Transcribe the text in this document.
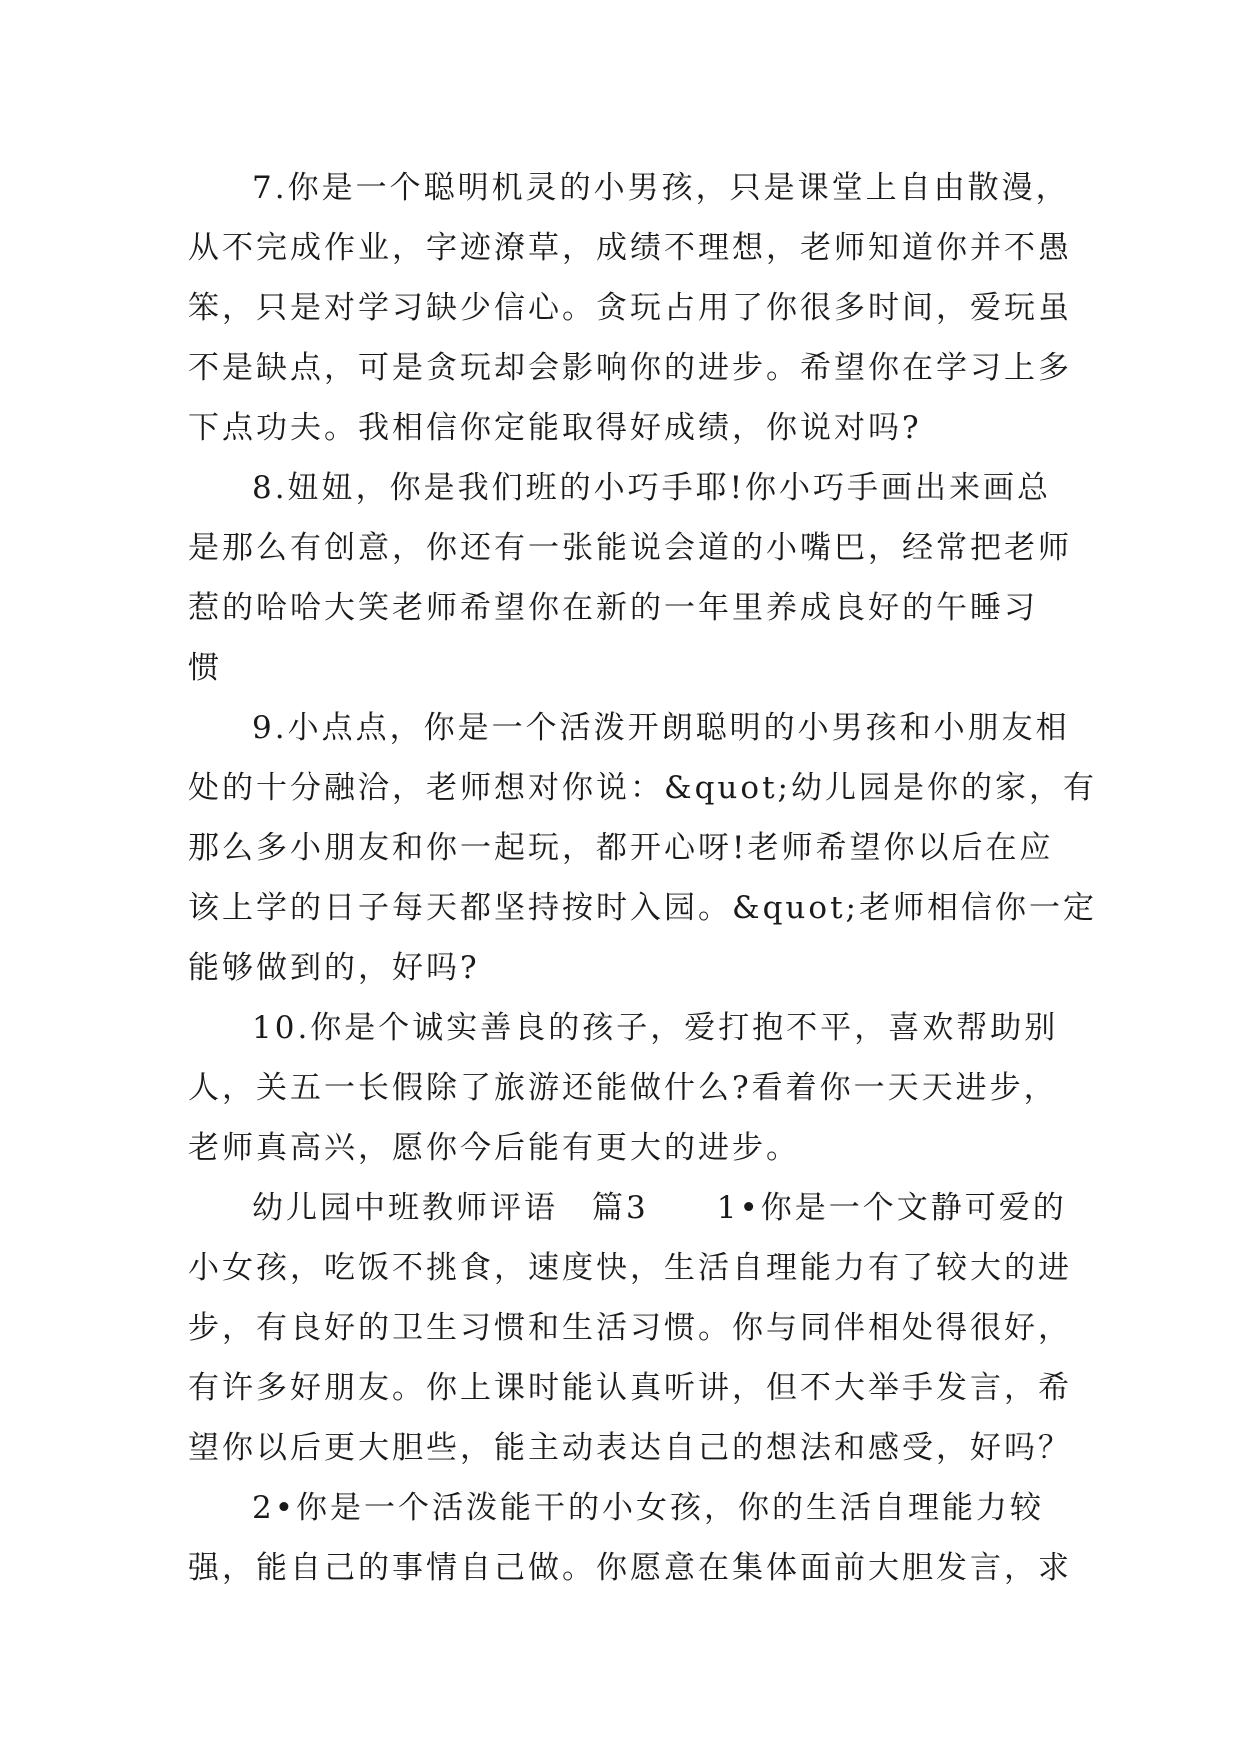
7.你是一个聪明机灵的小男孩，只是课堂上自由散漫，
从不完成作业，字迹潦草，成绩不理想，老师知道你并不愚
笨，只是对学习缺少信心。贪玩占用了你很多时间，爱玩虽
不是缺点，可是贪玩却会影响你的进步。希望你在学习上多
下点功夫。我相信你定能取得好成绩，你说对吗?
8.妞妞，你是我们班的小巧手耶!你小巧手画出来画总
是那么有创意，你还有一张能说会道的小嘴巴，经常把老师
惹的哈哈大笑老师希望你在新的一年里养成良好的午睡习
惯
9.小点点，你是一个活泼开朗聪明的小男孩和小朋友相
处的十分融洽，老师想对你说：&quot;幼儿园是你的家，有
那么多小朋友和你一起玩，都开心呀!老师希望你以后在应
该上学的日子每天都坚持按时入园。&quot;老师相信你一定
能够做到的，好吗?
10.你是个诚实善良的孩子，爱打抱不平，喜欢帮助别
人，关五一长假除了旅游还能做什么?看着你一天天进步，
老师真高兴，愿你今后能有更大的进步。
幼儿园中班教师评语　篇3　　1•你是一个文静可爱的
小女孩，吃饭不挑食，速度快，生活自理能力有了较大的进
步，有良好的卫生习惯和生活习惯。你与同伴相处得很好，
有许多好朋友。你上课时能认真听讲，但不大举手发言，希
望你以后更大胆些，能主动表达自己的想法和感受，好吗？
2•你是一个活泼能干的小女孩，你的生活自理能力较
强，能自己的事情自己做。你愿意在集体面前大胆发言，求
